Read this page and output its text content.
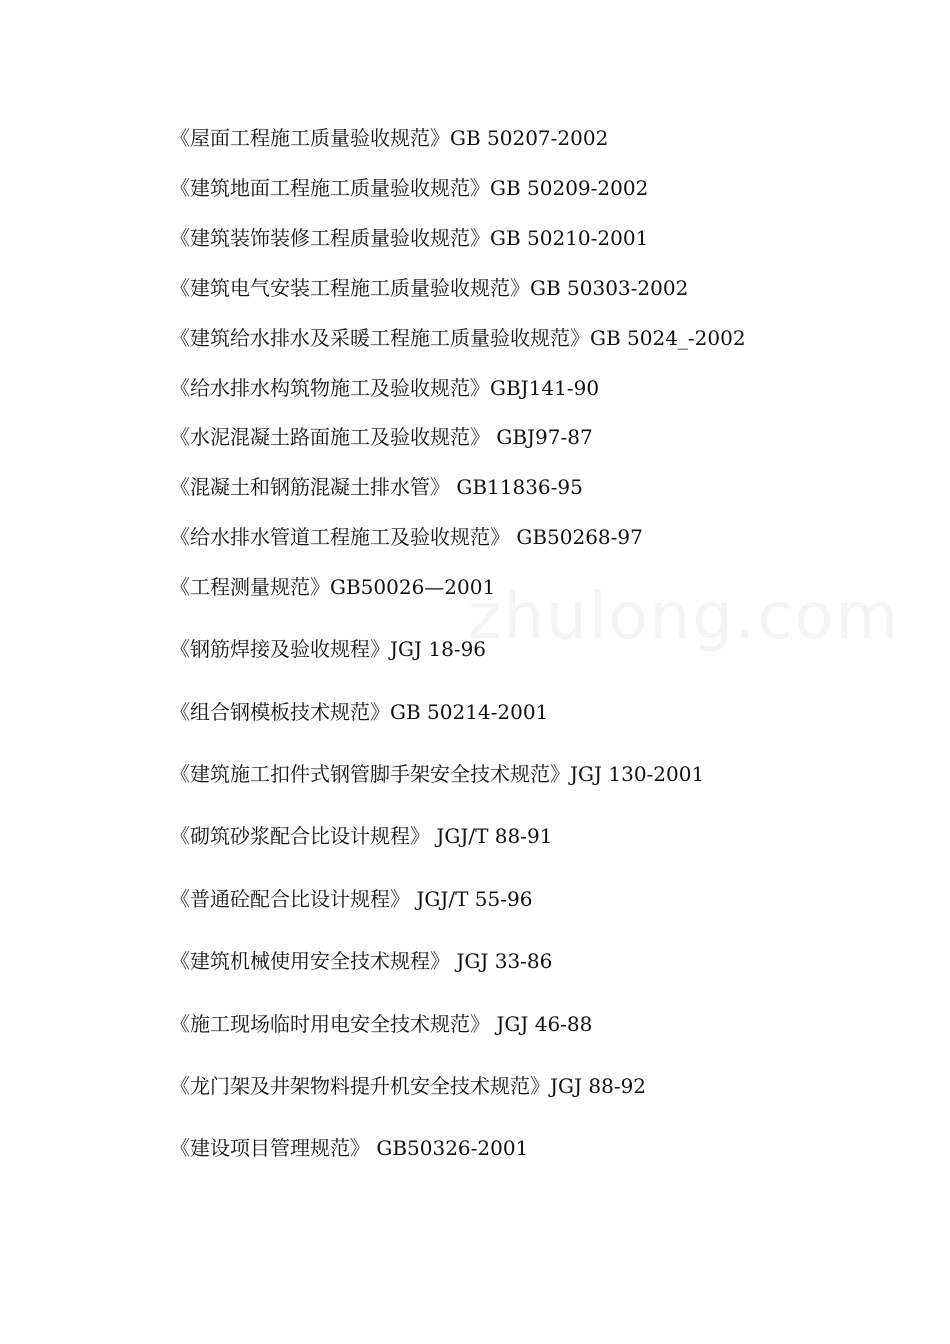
《屋面工程施工质量验收规范》GB 50207-2002
《建筑地面工程施工质量验收规范》GB 50209-2002
《建筑装饰装修工程质量验收规范》GB 50210-2001
《建筑电气安装工程施工质量验收规范》GB 50303-2002
《建筑给水排水及采暖工程施工质量验收规范》GB 5024_-2002
《给水排水构筑物施工及验收规范》GBJ141-90
《水泥混凝土路面施工及验收规范》 GBJ97-87
《混凝土和钢筋混凝土排水管》 GB11836-95
《给水排水管道工程施工及验收规范》 GB50268-97
《工程测量规范》GB50026—2001
《钢筋焊接及验收规程》JGJ 18-96
《组合钢模板技术规范》GB 50214-2001
《建筑施工扣件式钢管脚手架安全技术规范》JGJ 130-2001
《砌筑砂浆配合比设计规程》 JGJ/T 88-91
《普通砼配合比设计规程》 JGJ/T 55-96
《建筑机械使用安全技术规程》 JGJ 33-86
《施工现场临时用电安全技术规范》 JGJ 46-88
《龙门架及井架物料提升机安全技术规范》JGJ 88-92
《建设项目管理规范》 GB50326-2001
